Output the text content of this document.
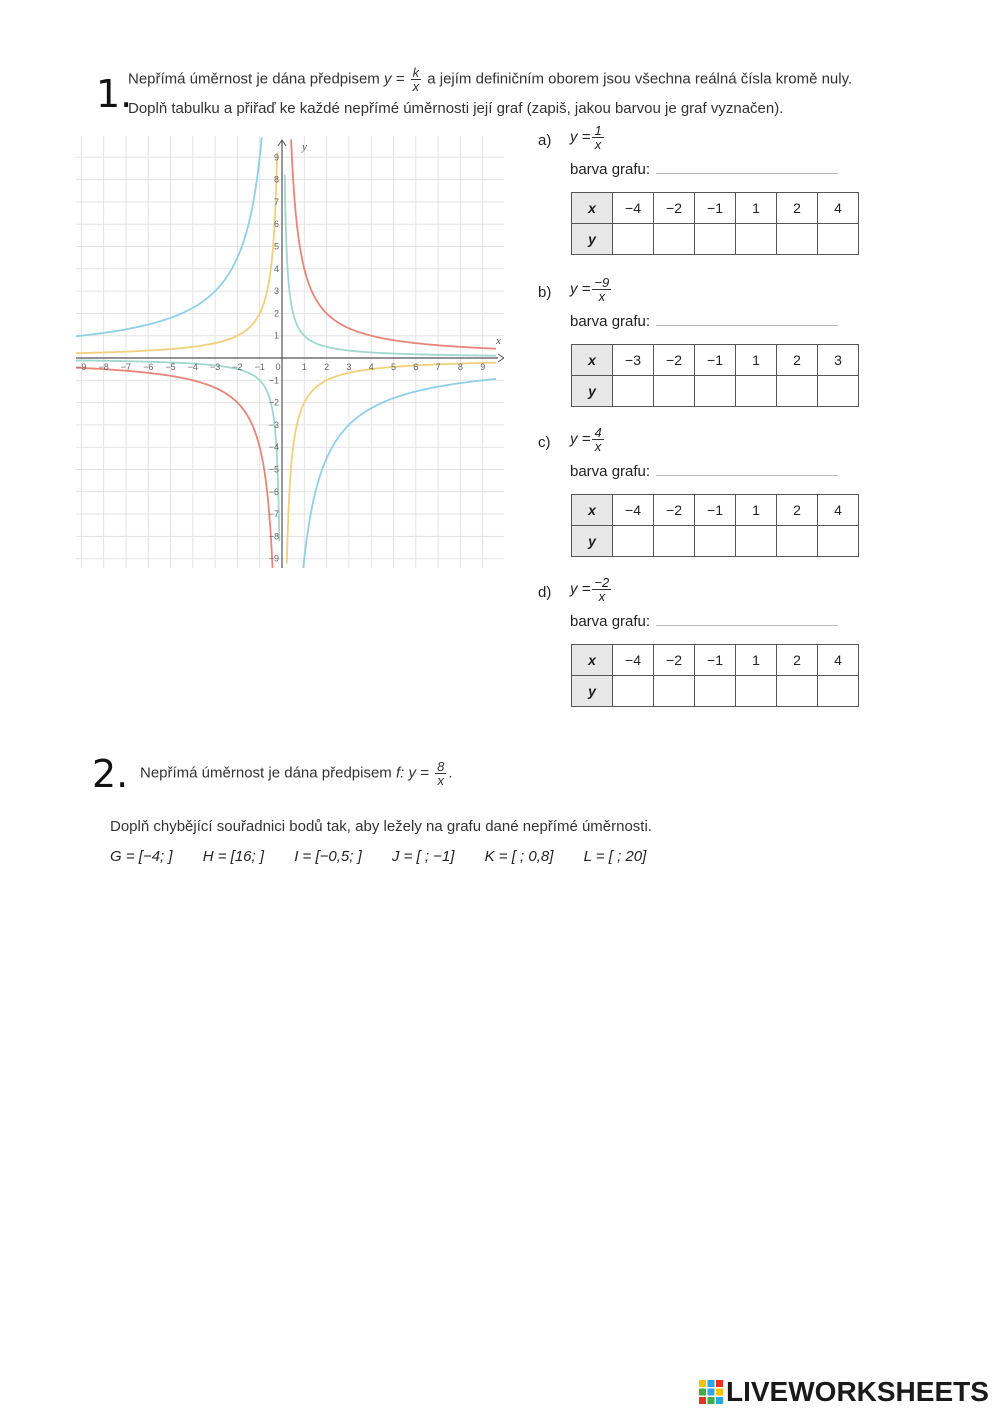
1.
Nepřímá úměrnost je dána předpisem $y = \frac{k}{x}$ a jejím definičním oborem jsou všechna reálná čísla kromě nuly.
Doplň tabulku a přiřaď ke každé nepřímé úměrnosti její graf (zapiš, jakou barvou je graf vyznačen).
−9 −8 −7 −6 −5 −4 −3 −2 −1 0 1 2 3 4 5 6 7 8 9
1
2
3
4
5
6
7
8
9
−1
−2
−3
−4
−5
−6
−7
−8
−9
x
y	a) $y = \frac{1}{x}$
barva grafu:
x	−4	−2	−1	1	2	4
y						
b) $y = \frac{-9}{x}$
barva grafu:
x	−3	−2	−1	1	2	3
y						
c) $y = \frac{4}{x}$
barva grafu:
x	−4	−2	−1	1	2	4
y						
d) $y = \frac{-2}{x}$
barva grafu:
x	−4	−2	−1	1	2	4
y						
2. Nepřímá úměrnost je dána předpisem f: $y = \frac{8}{x}$ .
Doplň chybějící souřadnici bodů tak, aby ležely na grafu dané nepřímé úměrnosti.
G = [−4; ] H = [16; ] I = [−0,5; ] J = [ ; −1] K = [ ; 0,8] L = [ ; 20]
LIVEWORKSHEETS
